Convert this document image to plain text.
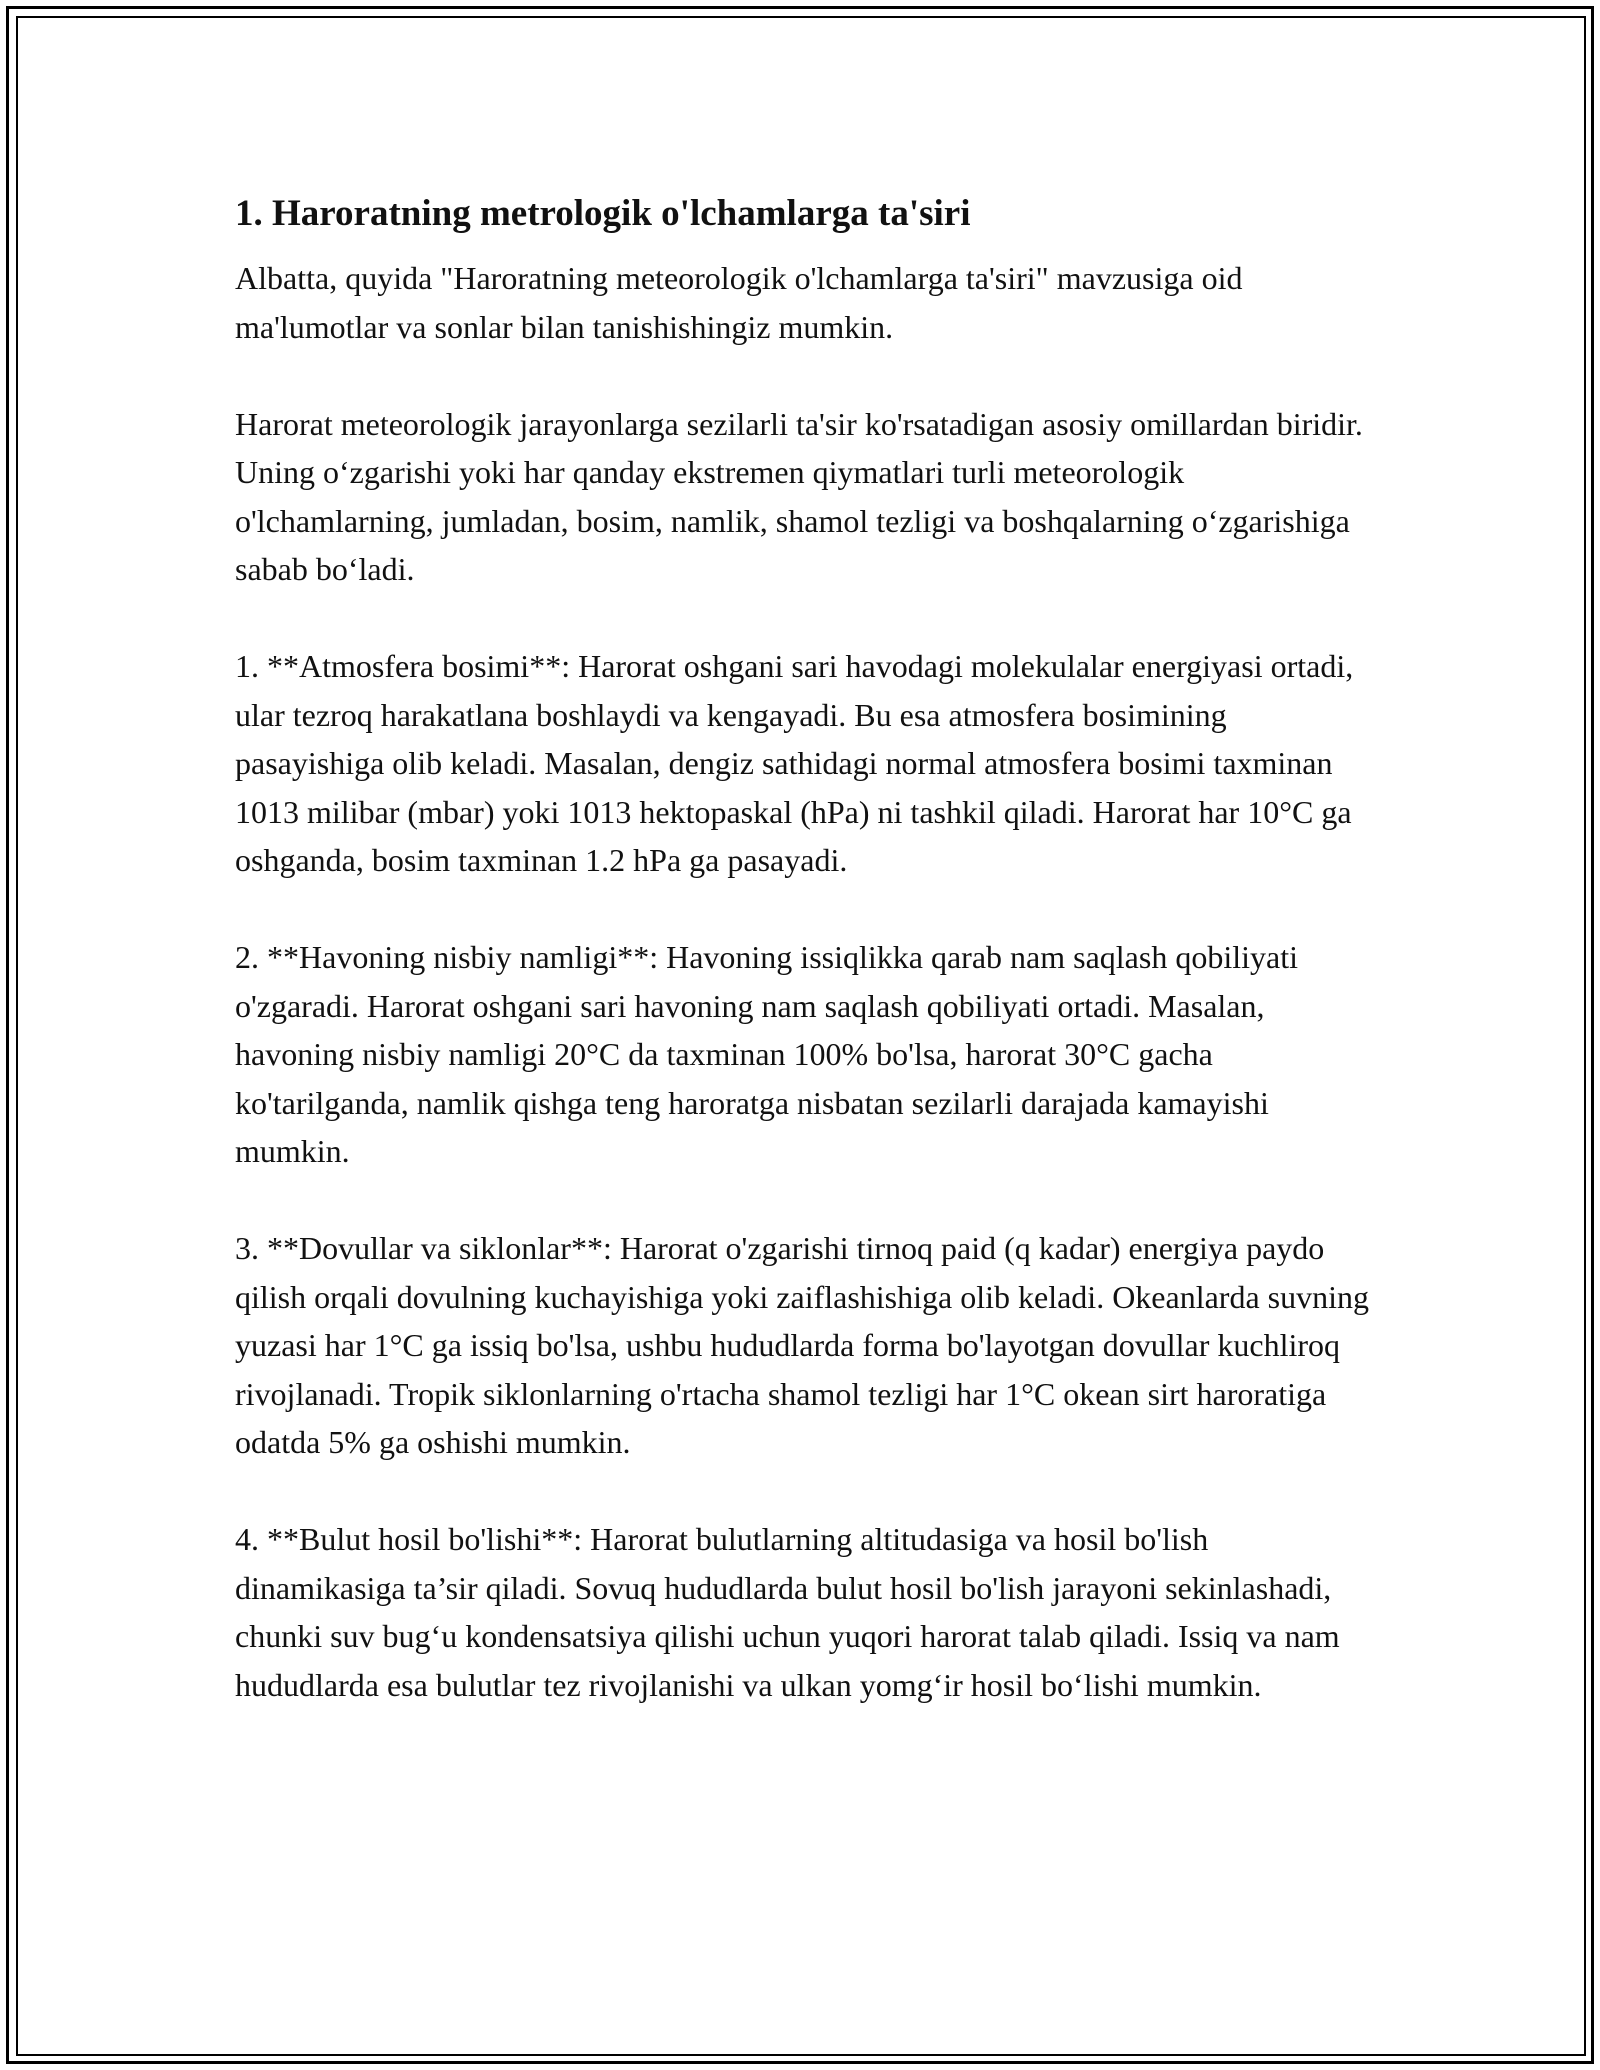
1. Haroratning metrologik o'lchamlarga ta'siri

Albatta, quyida "Haroratning meteorologik o'lchamlarga ta'siri" mavzusiga oid ma'lumotlar va sonlar bilan tanishishingiz mumkin.

Harorat meteorologik jarayonlarga sezilarli ta'sir ko'rsatadigan asosiy omillardan biridir. Uning o‘zgarishi yoki har qanday ekstremen qiymatlari turli meteorologik o'lchamlarning, jumladan, bosim, namlik, shamol tezligi va boshqalarning o‘zgarishiga sabab bo‘ladi.

1. **Atmosfera bosimi**: Harorat oshgani sari havodagi molekulalar energiyasi ortadi, ular tezroq harakatlana boshlaydi va kengayadi. Bu esa atmosfera bosimining pasayishiga olib keladi. Masalan, dengiz sathidagi normal atmosfera bosimi taxminan 1013 milibar (mbar) yoki 1013 hektopaskal (hPa) ni tashkil qiladi. Harorat har 10°C ga oshganda, bosim taxminan 1.2 hPa ga pasayadi.

2. **Havoning nisbiy namligi**: Havoning issiqlikka qarab nam saqlash qobiliyati o'zgaradi. Harorat oshgani sari havoning nam saqlash qobiliyati ortadi. Masalan, havoning nisbiy namligi 20°C da taxminan 100% bo'lsa, harorat 30°C gacha ko'tarilganda, namlik qishga teng haroratga nisbatan sezilarli darajada kamayishi mumkin.

3. **Dovullar va siklonlar**: Harorat o'zgarishi tirnoq paid (q kadar) energiya paydo qilish orqali dovulning kuchayishiga yoki zaiflashishiga olib keladi. Okeanlarda suvning yuzasi har 1°C ga issiq bo'lsa, ushbu hududlarda forma bo'layotgan dovullar kuchliroq rivojlanadi. Tropik siklonlarning o'rtacha shamol tezligi har 1°C okean sirt haroratiga odatda 5% ga oshishi mumkin.

4. **Bulut hosil bo'lishi**: Harorat bulutlarning altitudasiga va hosil bo'lish dinamikasiga ta’sir qiladi. Sovuq hududlarda bulut hosil bo'lish jarayoni sekinlashadi, chunki suv bug‘u kondensatsiya qilishi uchun yuqori harorat talab qiladi. Issiq va nam hududlarda esa bulutlar tez rivojlanishi va ulkan yomg‘ir hosil bo‘lishi mumkin.
